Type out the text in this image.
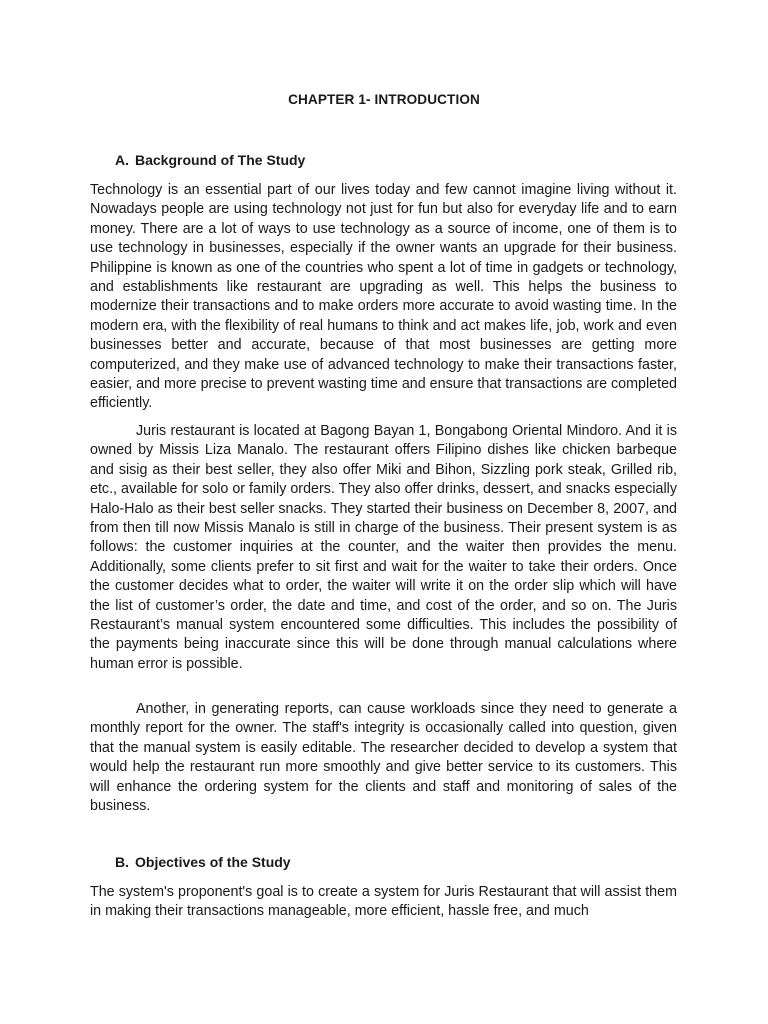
CHAPTER 1- INTRODUCTION
A. Background of The Study

Technology is an essential part of our lives today and few cannot imagine living without it. Nowadays people are using technology not just for fun but also for everyday life and to earn money. There are a lot of ways to use technology as a source of income, one of them is to use technology in businesses, especially if the owner wants an upgrade for their business. Philippine is known as one of the countries who spent a lot of time in gadgets or technology, and establishments like restaurant are upgrading as well. This helps the business to modernize their transactions and to make orders more accurate to avoid wasting time. In the modern era, with the flexibility of real humans to think and act makes life, job, work and even businesses better and accurate, because of that most businesses are getting more computerized, and they make use of advanced technology to make their transactions faster, easier, and more precise to prevent wasting time and ensure that transactions are completed efficiently.

Juris restaurant is located at Bagong Bayan 1, Bongabong Oriental Mindoro. And it is owned by Missis Liza Manalo. The restaurant offers Filipino dishes like chicken barbeque and sisig as their best seller, they also offer Miki and Bihon, Sizzling pork steak, Grilled rib, etc., available for solo or family orders. They also offer drinks, dessert, and snacks especially Halo-Halo as their best seller snacks. They started their business on December 8, 2007, and from then till now Missis Manalo is still in charge of the business. Their present system is as follows: the customer inquiries at the counter, and the waiter then provides the menu. Additionally, some clients prefer to sit first and wait for the waiter to take their orders. Once the customer decides what to order, the waiter will write it on the order slip which will have the list of customer’s order, the date and time, and cost of the order, and so on. The Juris Restaurant’s manual system encountered some difficulties. This includes the possibility of the payments being inaccurate since this will be done through manual calculations where human error is possible.

Another, in generating reports, can cause workloads since they need to generate a monthly report for the owner. The staff's integrity is occasionally called into question, given that the manual system is easily editable. The researcher decided to develop a system that would help the restaurant run more smoothly and give better service to its customers. This will enhance the ordering system for the clients and staff and monitoring of sales of the business.

B. Objectives of the Study

The system's proponent's goal is to create a system for Juris Restaurant that will assist them in making their transactions manageable, more efficient, hassle free, and much
